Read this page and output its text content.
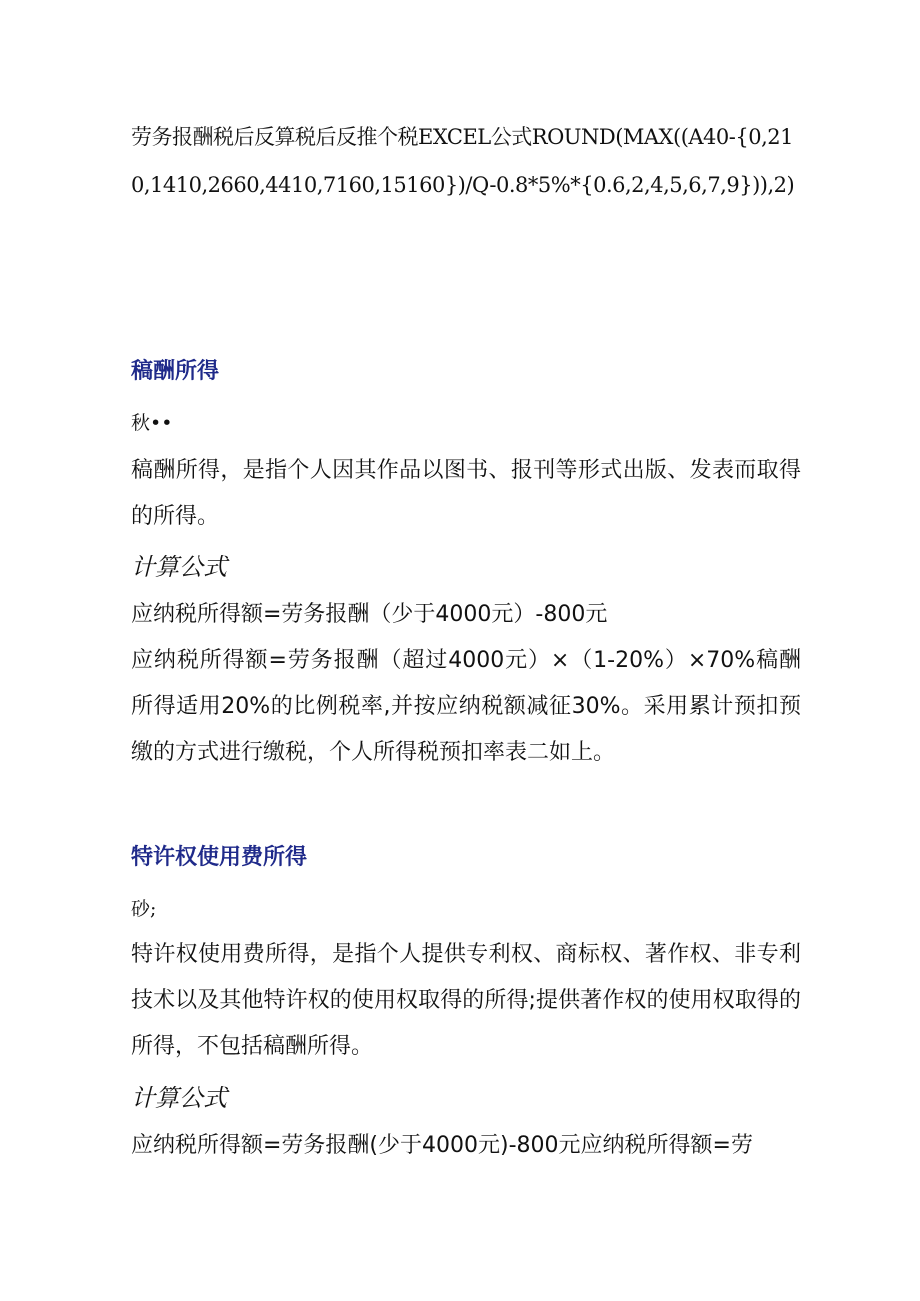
劳务报酬税后反算税后反推个税EXCEL公式ROUND(MAX((A40-{0,210,1410,2660,4410,7160,15160})/Q-0.8*5%*{0.6,2,4,5,6,7,9})),2)

稿酬所得
秋••

稿酬所得，是指个人因其作品以图书、报刊等形式出版、发表而取得的所得。

计算公式
应纳税所得额=劳务报酬（少于4000元）-800元

应纳税所得额=劳务报酬（超过4000元）×（1-20%）×70%稿酬所得适用20%的比例税率,并按应纳税额减征30%。采用累计预扣预缴的方式进行缴税，个人所得税预扣率表二如上。

特许权使用费所得
砂;

特许权使用费所得，是指个人提供专利权、商标权、著作权、非专利技术以及其他特许权的使用权取得的所得;提供著作权的使用权取得的所得，不包括稿酬所得。

计算公式
应纳税所得额=劳务报酬(少于4000元)-800元应纳税所得额=劳
